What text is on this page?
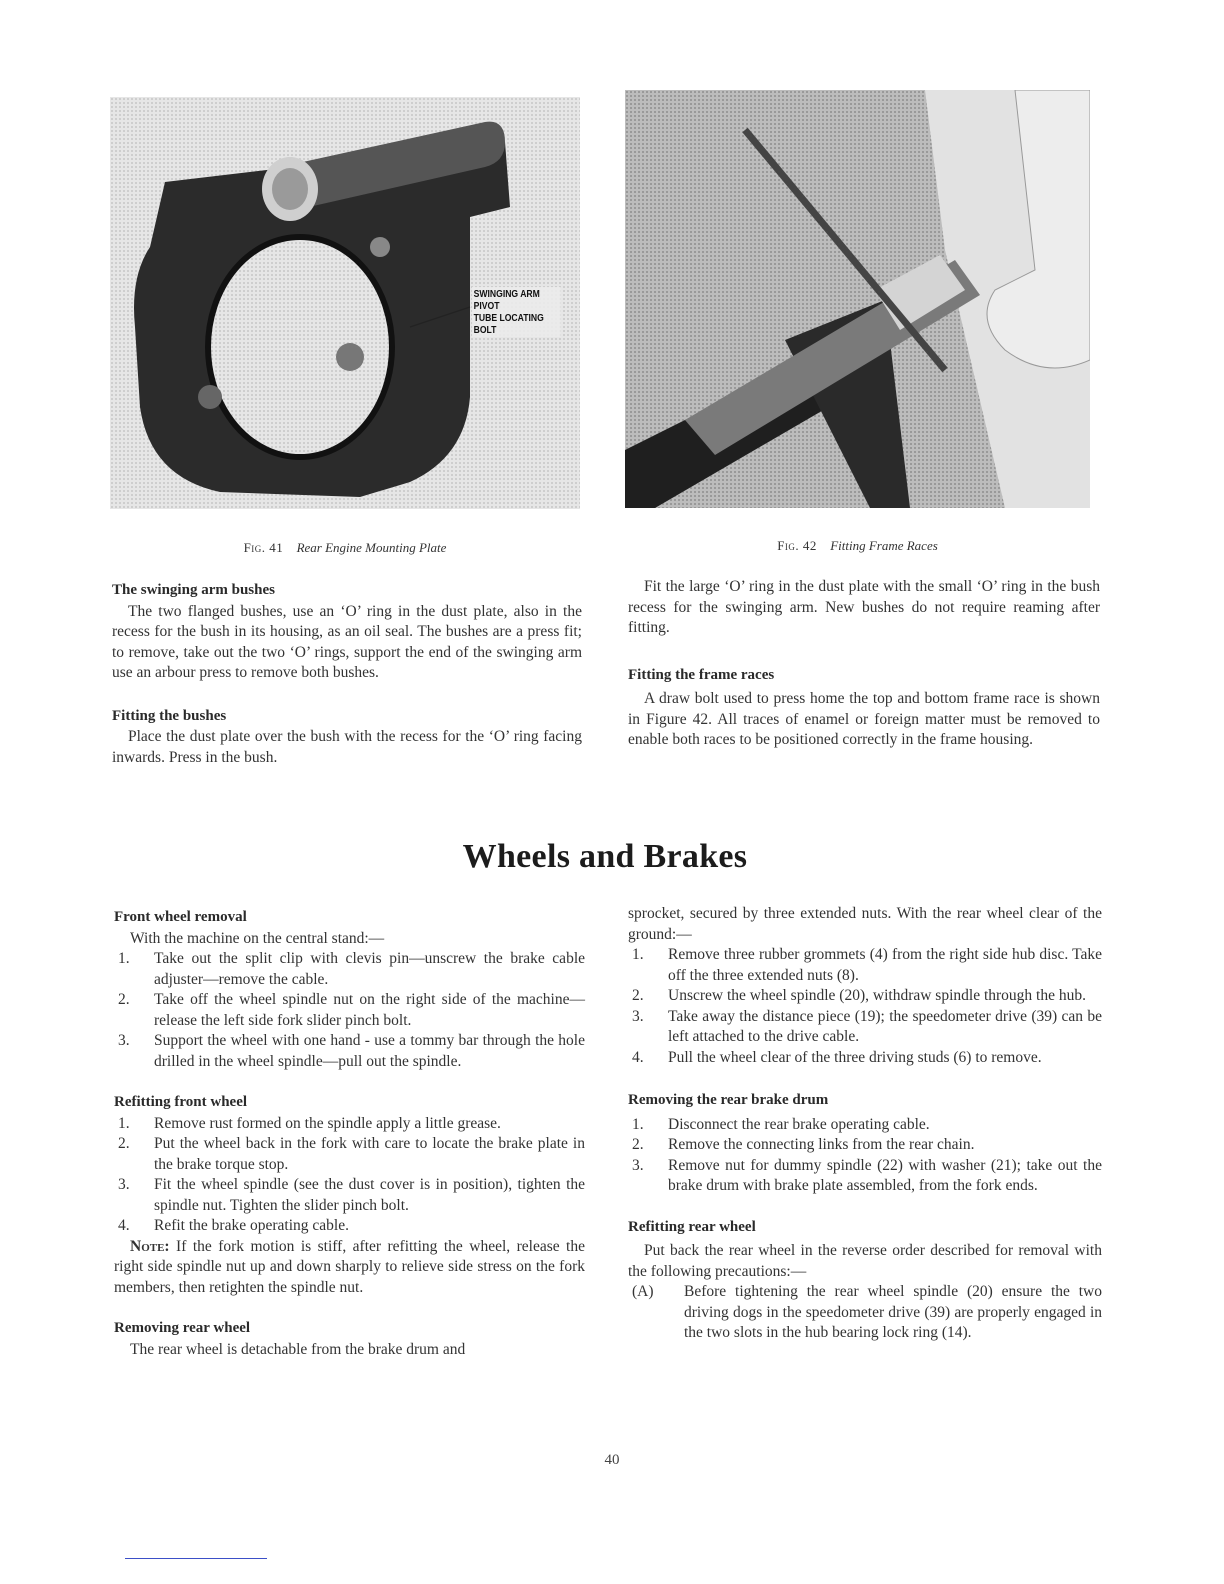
SWINGING ARM PIVOT
TUBE LOCATING BOLT
Fig. 41 Rear Engine Mounting Plate	Fig. 42 Fitting Frame Races
The swinging arm bushes

The two flanged bushes, use an ‘O’ ring in the dust plate, also in the recess for the bush in its housing, as an oil seal. The bushes are a press fit; to remove, take out the two ‘O’ rings, support the end of the swinging arm use an arbour press to remove both bushes.

Fitting the bushes

Place the dust plate over the bush with the recess for the ‘O’ ring facing inwards. Press in the bush.

Fit the large ‘O’ ring in the dust plate with the small ‘O’ ring in the bush recess for the swinging arm. New bushes do not require reaming after fitting.

Fitting the frame races

A draw bolt used to press home the top and bottom frame race is shown in Figure 42. All traces of enamel or foreign matter must be removed to enable both races to be positioned correctly in the frame housing.

Wheels and Brakes
Front wheel removal

With the machine on the central stand:—

1. Take out the split clip with clevis pin—unscrew the brake cable adjuster—remove the cable.
2. Take off the wheel spindle nut on the right side of the machine—release the left side fork slider pinch bolt.
3. Support the wheel with one hand - use a tommy bar through the hole drilled in the wheel spindle—pull out the spindle.
Refitting front wheel
1. Remove rust formed on the spindle apply a little grease.
2. Put the wheel back in the fork with care to locate the brake plate in the brake torque stop.
3. Fit the wheel spindle (see the dust cover is in position), tighten the spindle nut. Tighten the slider pinch bolt.
4. Refit the brake operating cable.

Note: If the fork motion is stiff, after refitting the wheel, release the right side spindle nut up and down sharply to relieve side stress on the fork members, then retighten the spindle nut.

Removing rear wheel

The rear wheel is detachable from the brake drum and

sprocket, secured by three extended nuts. With the rear wheel clear of the ground:—

1. Remove three rubber grommets (4) from the right side hub disc. Take off the three extended nuts (8).
2. Unscrew the wheel spindle (20), withdraw spindle through the hub.
3. Take away the distance piece (19); the speedometer drive (39) can be left attached to the drive cable.
4. Pull the wheel clear of the three driving studs (6) to remove.
Removing the rear brake drum
1. Disconnect the rear brake operating cable.
2. Remove the connecting links from the rear chain.
3. Remove nut for dummy spindle (22) with washer (21); take out the brake drum with brake plate assembled, from the fork ends.
Refitting rear wheel

Put back the rear wheel in the reverse order described for removal with the following precautions:—

(A) Before tightening the rear wheel spindle (20) ensure the two driving dogs in the speedometer drive (39) are properly engaged in the two slots in the hub bearing lock ring (14).
40
